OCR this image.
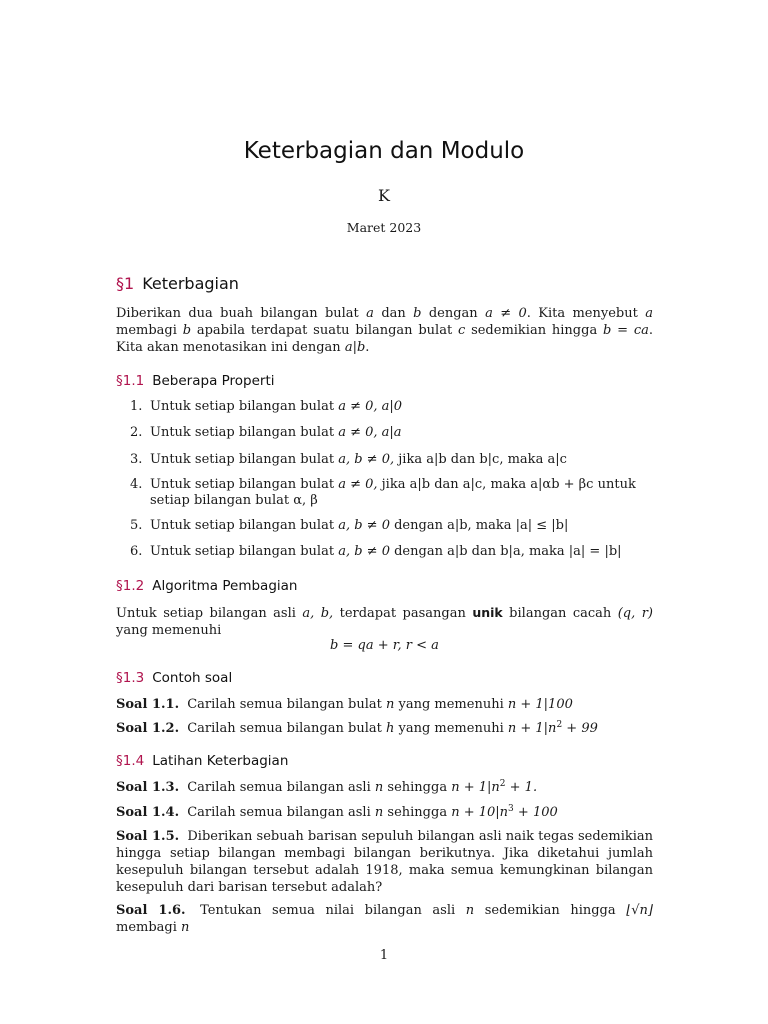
Keterbagian dan Modulo
K
Maret 2023
§1 Keterbagian
Diberikan dua buah bilangan bulat a dan b dengan a ≠ 0. Kita menyebut a membagi b apabila terdapat suatu bilangan bulat c sedemikian hingga b = ca. Kita akan menotasikan ini dengan a|b.
§1.1 Beberapa Properti
1. Untuk setiap bilangan bulat a ≠ 0, a|0
2. Untuk setiap bilangan bulat a ≠ 0, a|a
3. Untuk setiap bilangan bulat a, b ≠ 0, jika a|b dan b|c, maka a|c
4. Untuk setiap bilangan bulat a ≠ 0, jika a|b dan a|c, maka a|αb + βc untuk setiap bilangan bulat α, β
5. Untuk setiap bilangan bulat a, b ≠ 0 dengan a|b, maka |a| ≤ |b|
6. Untuk setiap bilangan bulat a, b ≠ 0 dengan a|b dan b|a, maka |a| = |b|
§1.2 Algoritma Pembagian
Untuk setiap bilangan asli a, b, terdapat pasangan unik bilangan cacah (q, r) yang memenuhi
b = qa + r, r < a
§1.3 Contoh soal
Soal 1.1. Carilah semua bilangan bulat n yang memenuhi n + 1|100
Soal 1.2. Carilah semua bilangan bulat h yang memenuhi $n + 1|n^2 + 99$
§1.4 Latihan Keterbagian
Soal 1.3. Carilah semua bilangan asli n sehingga $n + 1|n^2 + 1$.
Soal 1.4. Carilah semua bilangan asli n sehingga $n + 10|n^3 + 100$
Soal 1.5. Diberikan sebuah barisan sepuluh bilangan asli naik tegas sedemikian hingga setiap bilangan membagi bilangan berikutnya. Jika diketahui jumlah kesepuluh bilangan tersebut adalah 1918, maka semua kemungkinan bilangan kesepuluh dari barisan tersebut adalah?
Soal 1.6. Tentukan semua nilai bilangan asli n sedemikian hingga ⌊√n⌋ membagi n
1
